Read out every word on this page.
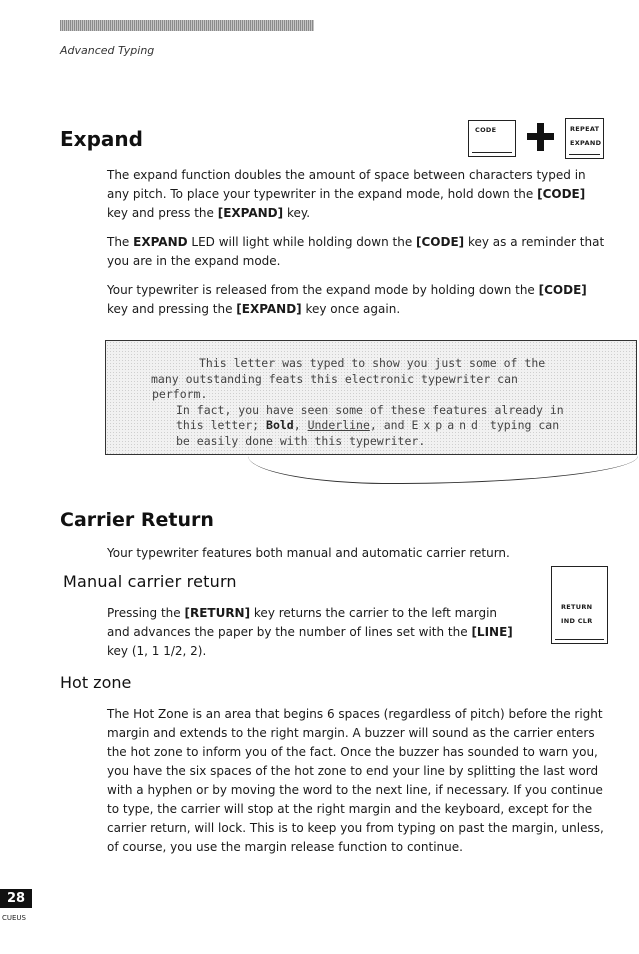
Advanced Typing
Expand	CODE	REPEAT
EXPAND

The expand function doubles the amount of space between characters typed in any pitch. To place your typewriter in the expand mode, hold down the [CODE] key and press the [EXPAND] key.

The EXPAND LED will light while holding down the [CODE] key as a reminder that you are in the expand mode.

Your typewriter is released from the expand mode by holding down the [CODE] key and pressing the [EXPAND] key once again.

This letter was typed to show you just some of the
many outstanding feats this electronic typewriter can
perform.
In fact, you have seen some of these features already in
this letter; Bold, Underline, and Expand typing can
be easily done with this typewriter.
Carrier Return

Your typewriter features both manual and automatic carrier return.

Manual carrier return
RETURN
IND CLR

Pressing the [RETURN] key returns the carrier to the left margin and advances the paper by the number of lines set with the [LINE] key (1, 1 1/2, 2).

Hot zone

The Hot Zone is an area that begins 6 spaces (regardless of pitch) before the right margin and extends to the right margin. A buzzer will sound as the carrier enters the hot zone to inform you of the fact. Once the buzzer has sounded to warn you, you have the six spaces of the hot zone to end your line by splitting the last word with a hyphen or by moving the word to the next line, if necessary. If you continue to type, the carrier will stop at the right margin and the keyboard, except for the carrier return, will lock. This is to keep you from typing on past the margin, unless, of course, you use the margin release function to continue.

28
CUEUS
